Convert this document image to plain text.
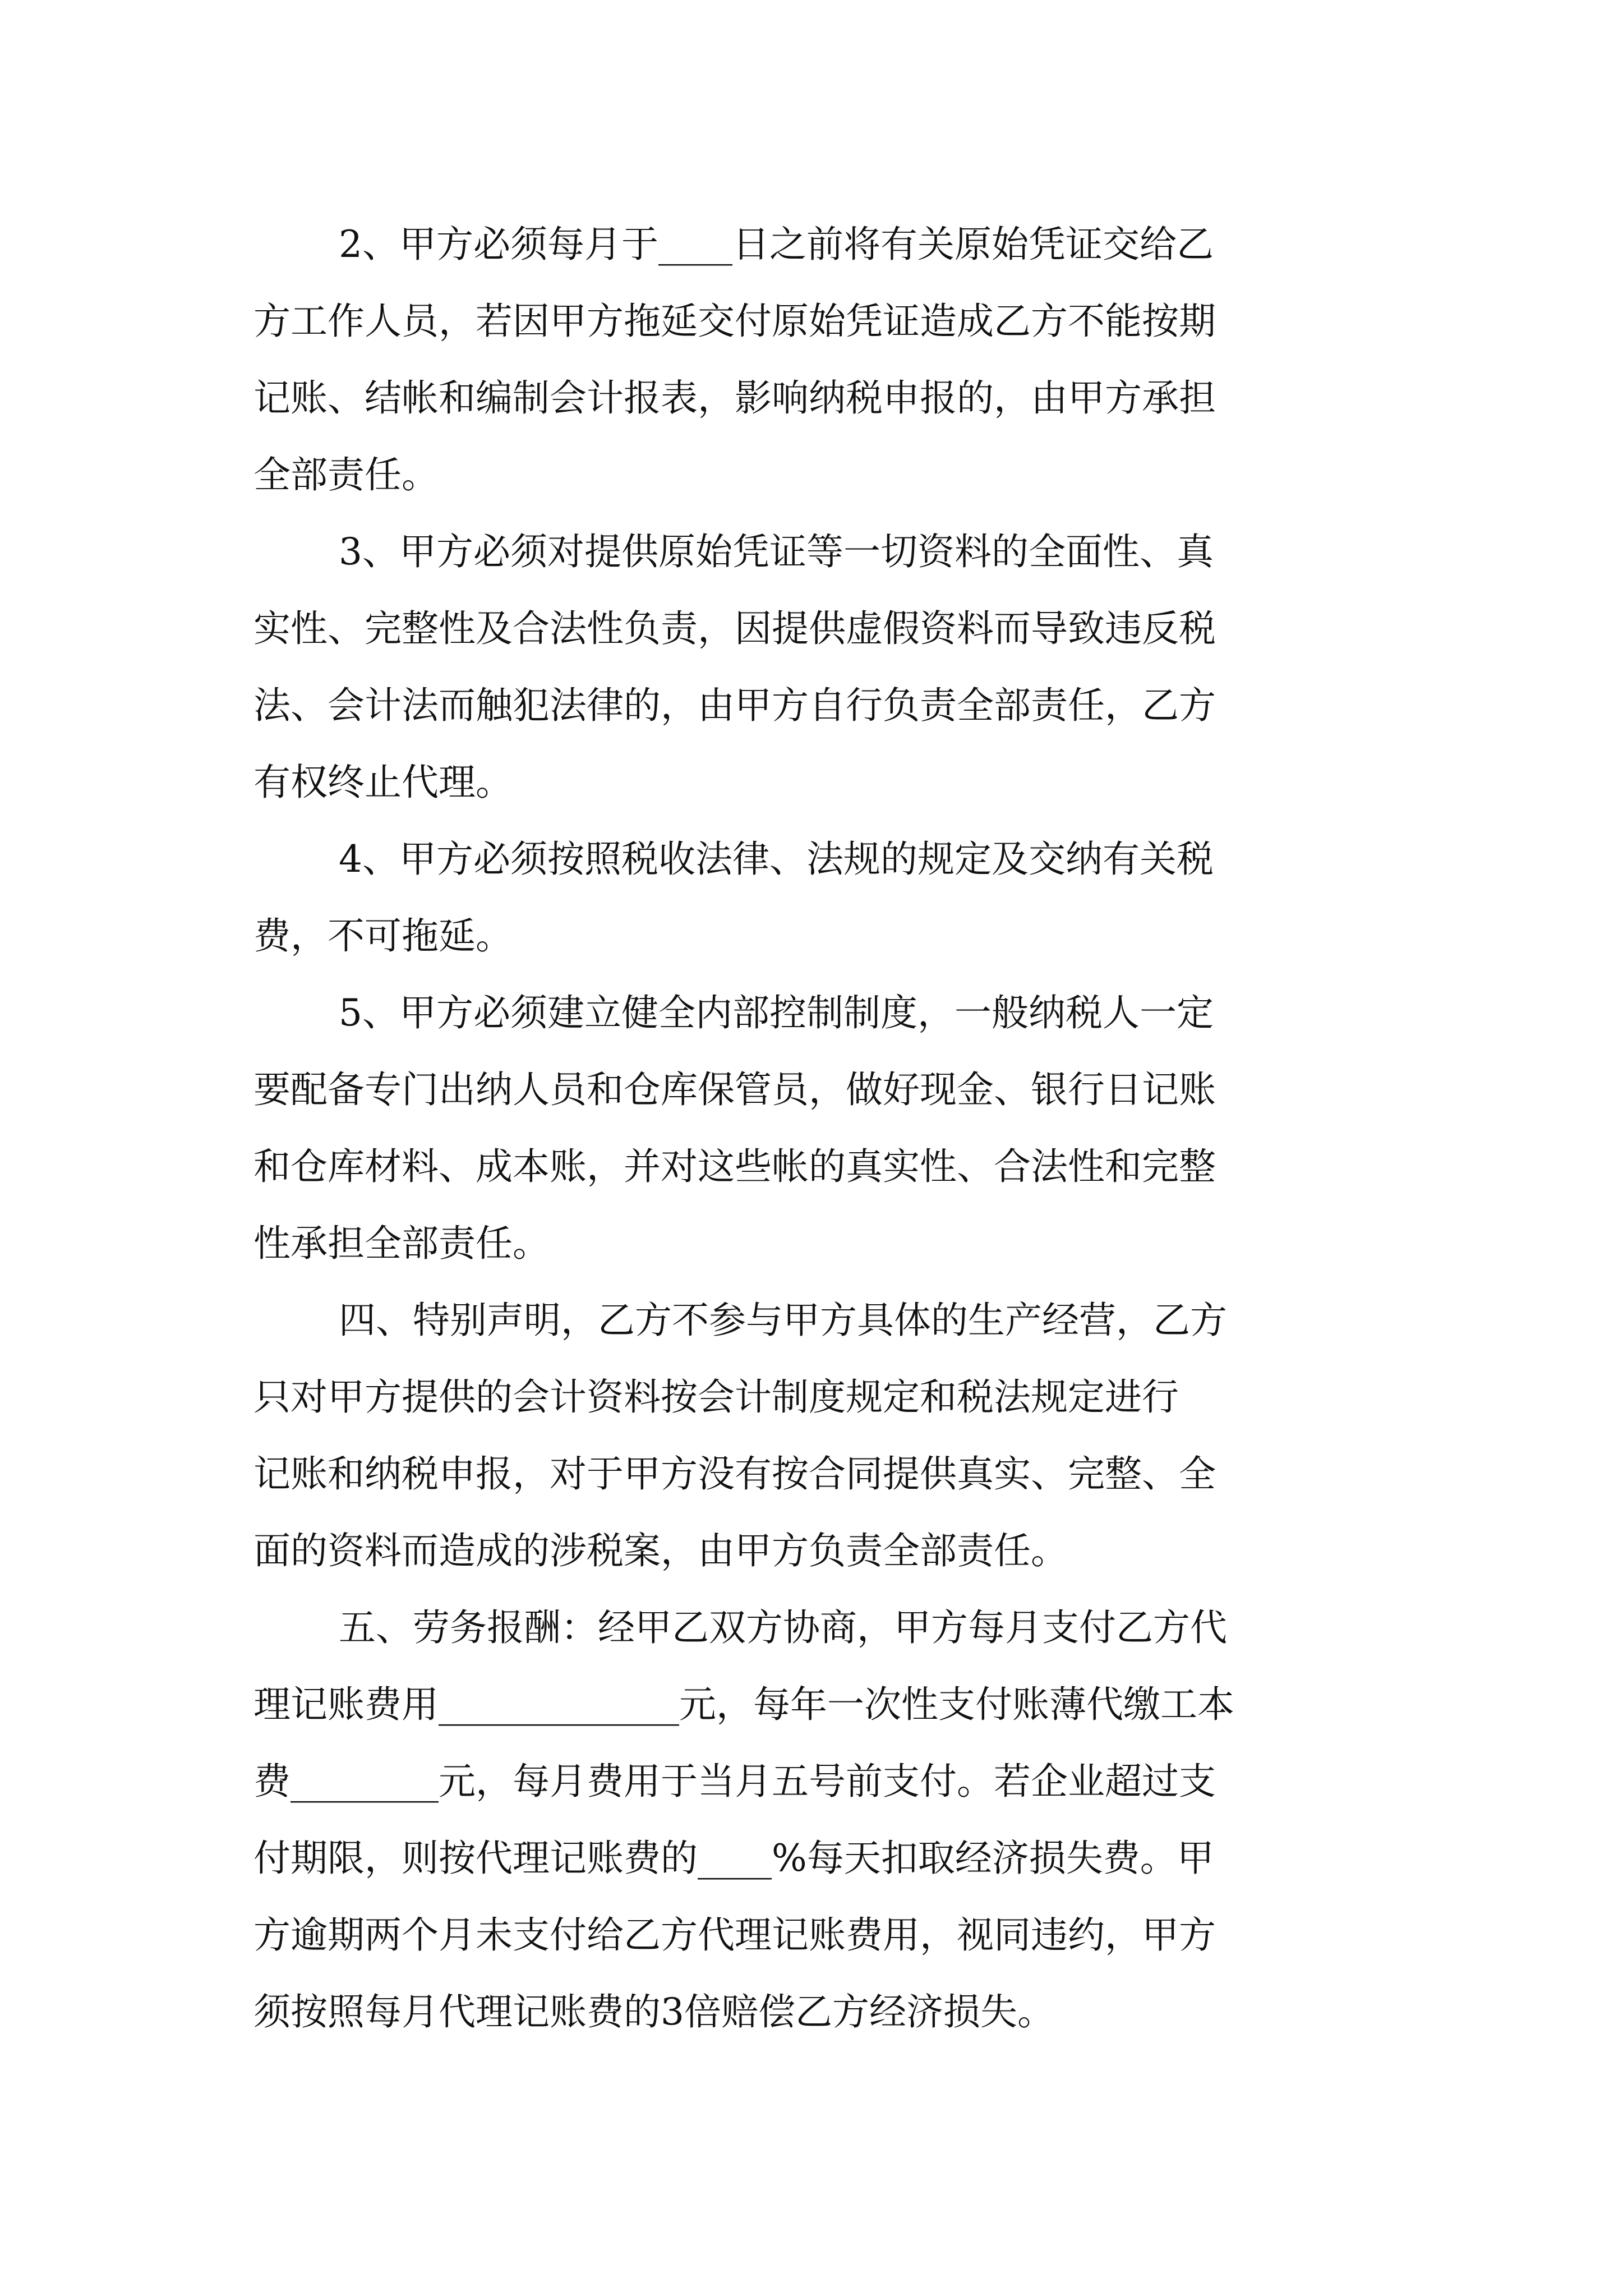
2、甲方必须每月于____日之前将有关原始凭证交给乙

方工作人员，若因甲方拖延交付原始凭证造成乙方不能按期

记账、结帐和编制会计报表，影响纳税申报的，由甲方承担

全部责任。

3、甲方必须对提供原始凭证等一切资料的全面性、真

实性、完整性及合法性负责，因提供虚假资料而导致违反税

法、会计法而触犯法律的，由甲方自行负责全部责任，乙方

有权终止代理。

4、甲方必须按照税收法律、法规的规定及交纳有关税

费，不可拖延。

5、甲方必须建立健全内部控制制度，一般纳税人一定

要配备专门出纳人员和仓库保管员，做好现金、银行日记账

和仓库材料、成本账，并对这些帐的真实性、合法性和完整

性承担全部责任。

四、特别声明，乙方不参与甲方具体的生产经营，乙方

只对甲方提供的会计资料按会计制度规定和税法规定进行

记账和纳税申报，对于甲方没有按合同提供真实、完整、全

面的资料而造成的涉税案，由甲方负责全部责任。

五、劳务报酬：经甲乙双方协商，甲方每月支付乙方代

理记账费用_____________元，每年一次性支付账薄代缴工本

费________元，每月费用于当月五号前支付。若企业超过支

付期限，则按代理记账费的____%每天扣取经济损失费。甲

方逾期两个月未支付给乙方代理记账费用，视同违约，甲方

须按照每月代理记账费的3倍赔偿乙方经济损失。
